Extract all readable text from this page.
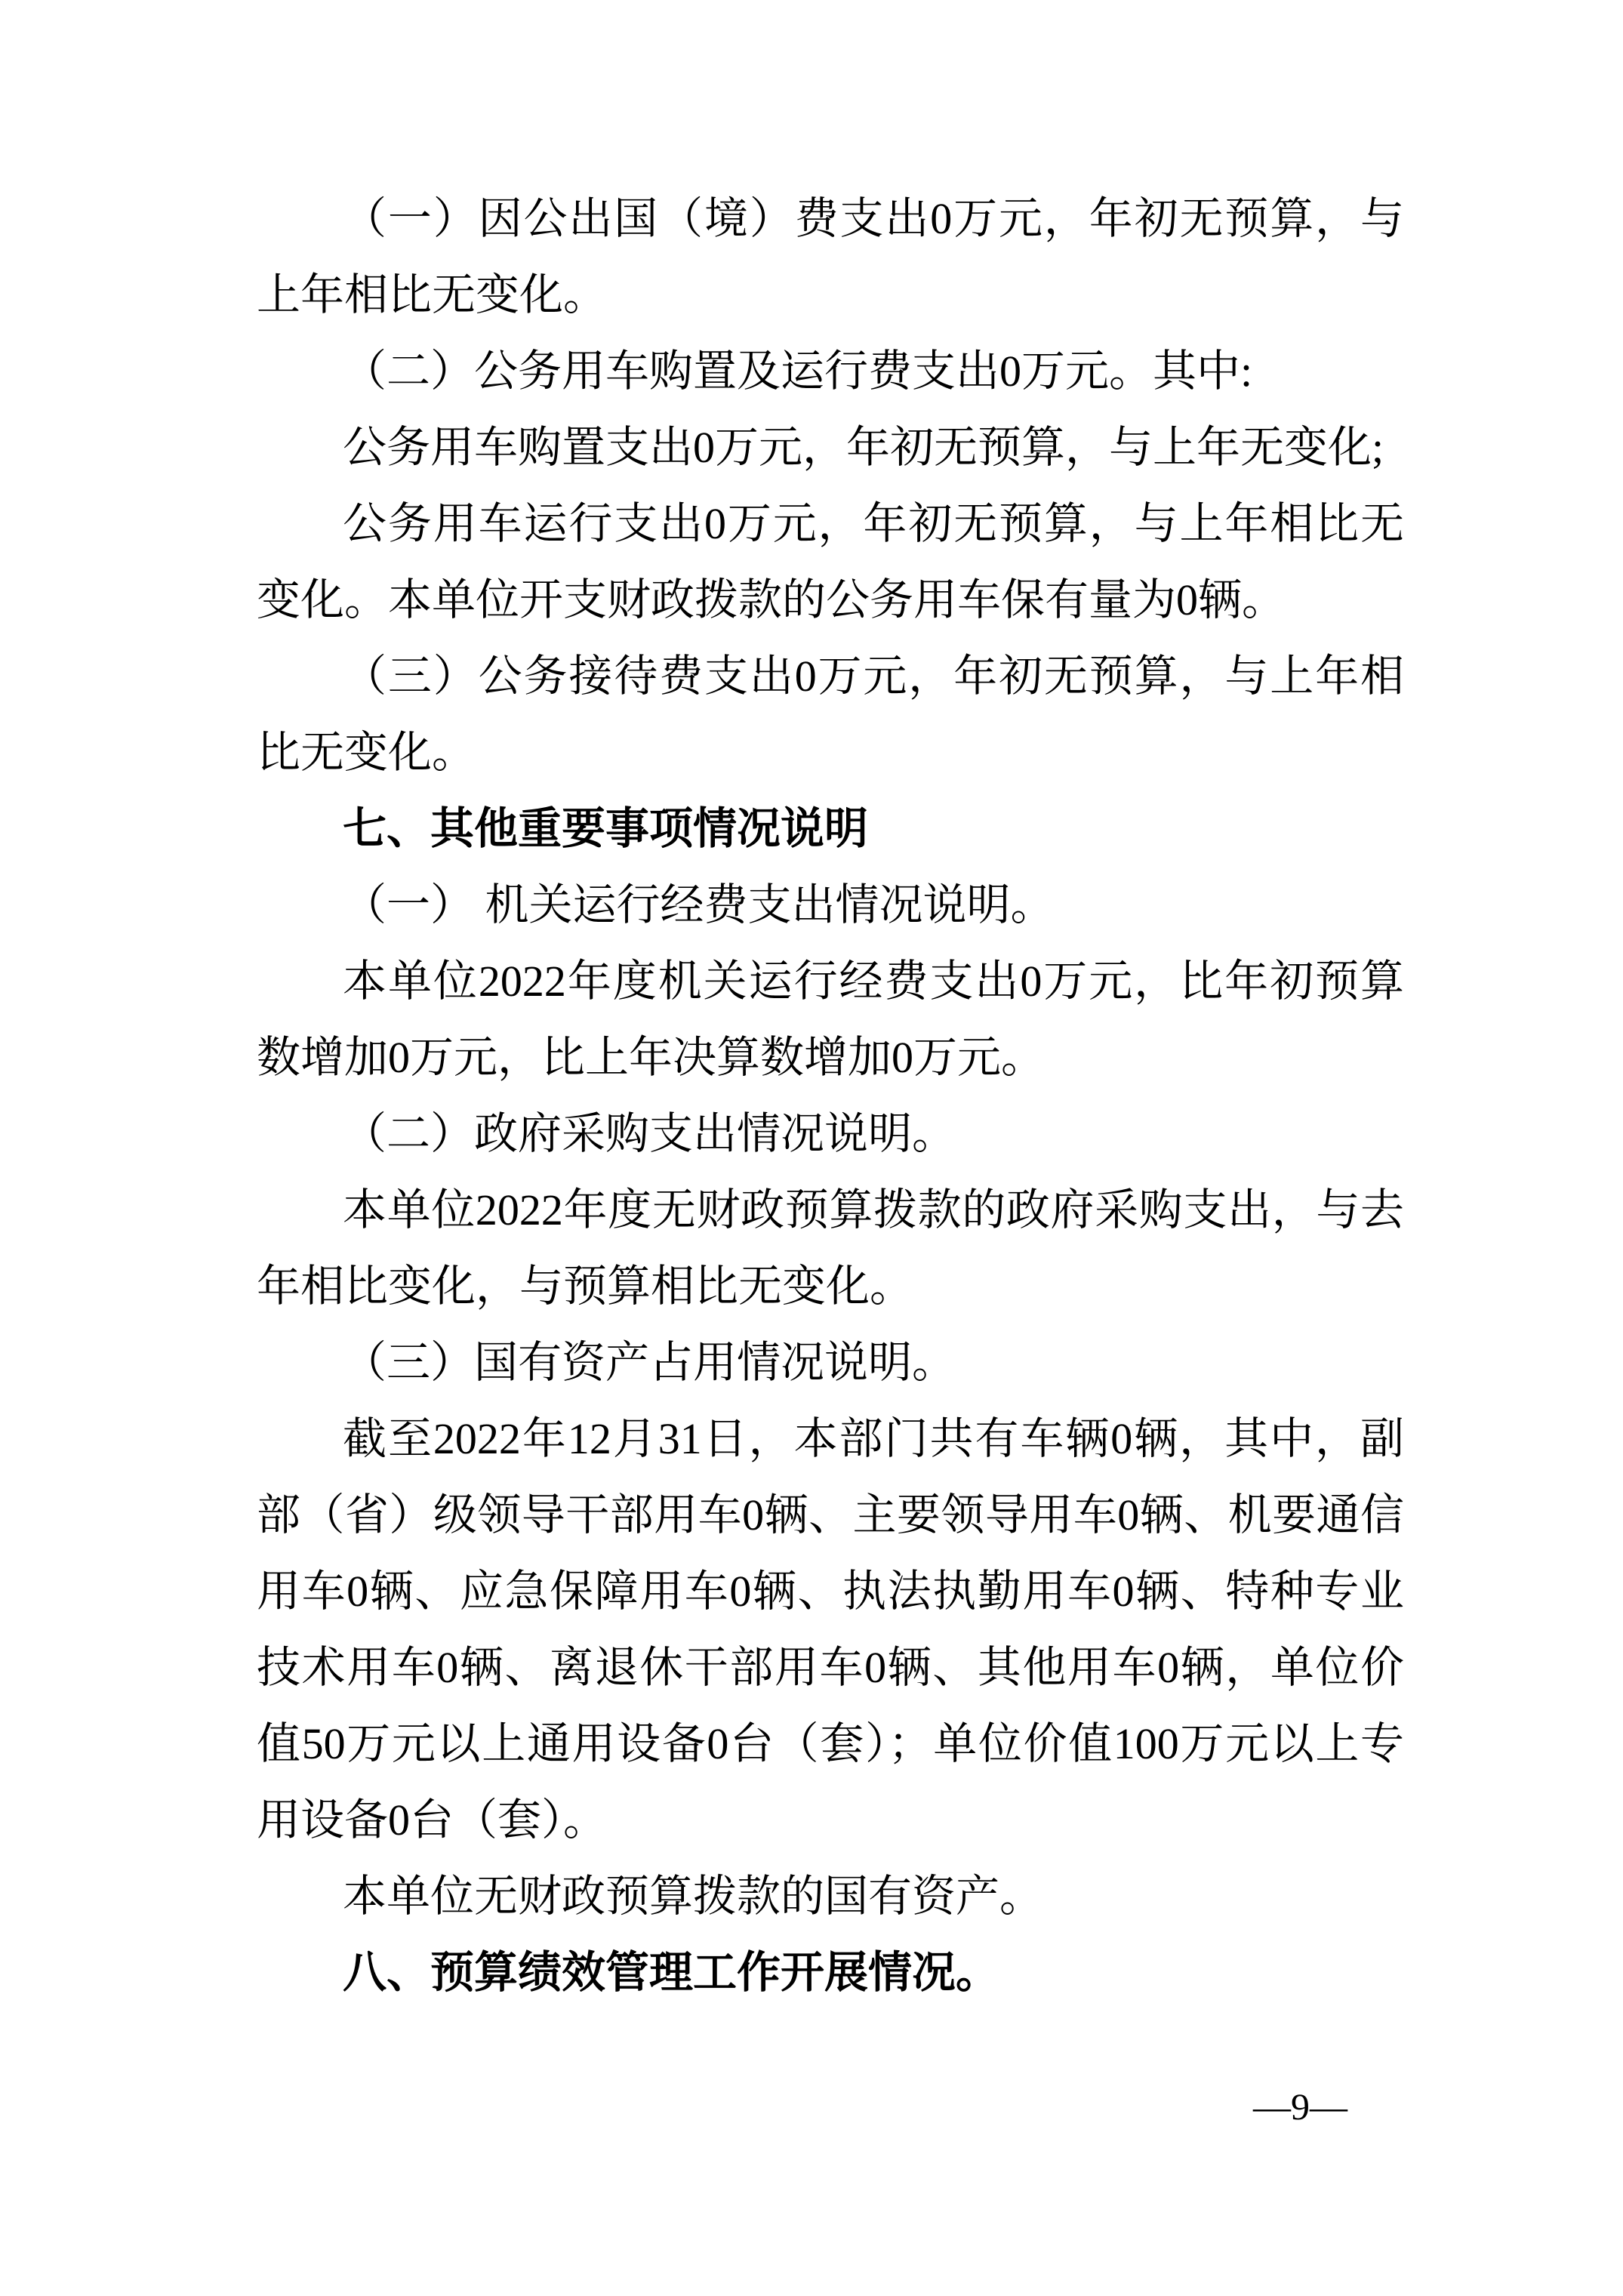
（一）因公出国（境）费支出0万元，年初无预算，与上年相比无变化。

（二）公务用车购置及运行费支出0万元。其中:

公务用车购置支出0万元，年初无预算，与上年无变化;

公务用车运行支出0万元，年初无预算，与上年相比无变化。本单位开支财政拨款的公务用车保有量为0辆。

（三）公务接待费支出0万元，年初无预算，与上年相比无变化。

七、其他重要事项情况说明

（一） 机关运行经费支出情况说明。

本单位2022年度机关运行经费支出0万元，比年初预算数增加0万元，比上年决算数增加0万元。

（二）政府采购支出情况说明。

本单位2022年度无财政预算拨款的政府采购支出，与去年相比变化，与预算相比无变化。

（三）国有资产占用情况说明。

截至2022年12月31日，本部门共有车辆0辆，其中，副部（省）级领导干部用车0辆、主要领导用车0辆、机要通信用车0辆、应急保障用车0辆、执法执勤用车0辆、特种专业技术用车0辆、离退休干部用车0辆、其他用车0辆，单位价值50万元以上通用设备0台（套）；单位价值100万元以上专用设备0台（套）。

本单位无财政预算拨款的国有资产。

八、预算绩效管理工作开展情况。

—9—
